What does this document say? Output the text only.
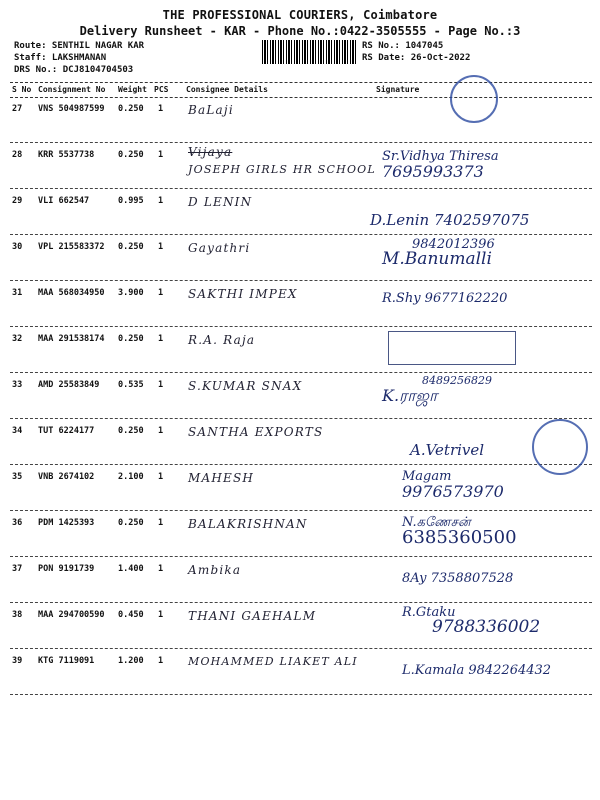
THE PROFESSIONAL COURIERS, Coimbatore
Delivery Runsheet - KAR - Phone No.:0422-3505555 - Page No.:3
Route: SENTHIL NAGAR KAR
Staff: LAKSHMANAN
DRS No.: DCJ8104704503
RS No.: 1047045
RS Date: 26-Oct-2022
S No Consignment No Weight PCS Consignee Details	Signature
27 VNS 504987599 0.250 1 BaLaji
28 KRR 5537738	0.250 1 Vijaya
JOSEPH GIRLS HR SCHOOL
Sr.Vidhya Thiresa
7695993373
29 VLI 662547	0.995 1 D LENIN
D.Lenin 7402597075
30 VPL 215583372 0.250 1 Gayathri	9842012396
M.Banumalli
31 MAA 568034950 3.900 1 SAKTHI IMPEX	R.Shy 9677162220
32 MAA 291538174 0.250 1 R.A. Raja
33 AMD 25583849 0.535 1 S.KUMAR SNAX	8489256829
K.ராஜா
34 TUT 6224177	0.250 1 SANTHA EXPORTS
A.Vetrivel
35 VNB 2674102	2.100 1 MAHESH	Magam
9976573970
36 PDM 1425393	0.250 1 BALAKRISHNAN	N.கணேசன்
6385360500
37 PON 9191739	1.400 1 Ambika
8Ay 7358807528
38 MAA 294700590 0.450 1 THANI GAEHALM	R.Gtaku
9788336002
39 KTG 7119091	1.200 1 MOHAMMED LIAKET ALI
L.Kamala 9842264432
